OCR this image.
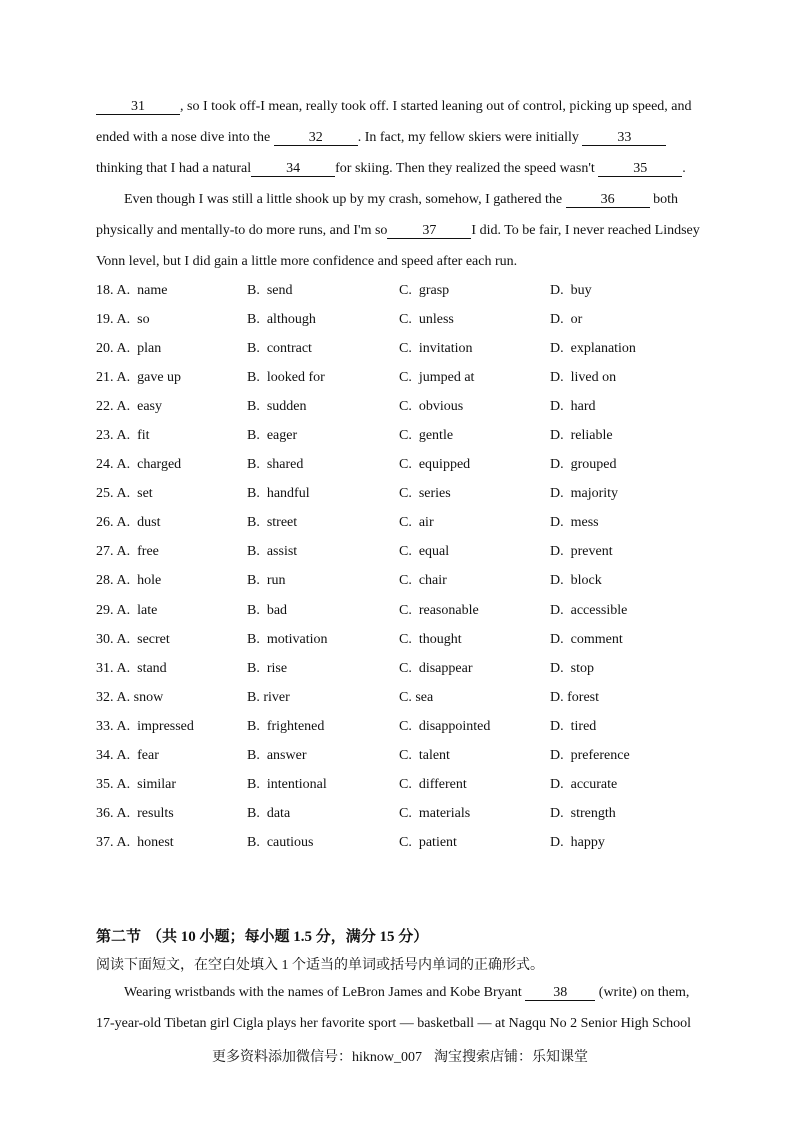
31	, so I took off-I mean, really took off. I started leaning out of control, picking up speed, and
ended with a nose dive into the	32	. In fact, my fellow skiers were initially	33
thinking that I had a natural	34	for skiing. Then they realized the speed wasn't	35	.
Even though I was still a little shook up by my crash, somehow, I gathered the	36	both
physically and mentally-to do more runs, and I'm so	37	I did. To be fair, I never reached Lindsey
Vonn level, but I did gain a little more confidence and speed after each run.
18. A. name	B. send	C. grasp	D. buy
19. A. so	B. although	C. unless	D. or
20. A. plan	B. contract	C. invitation	D. explanation
21. A. gave up	B. looked for	C. jumped at	D. lived on
22. A. easy	B. sudden	C. obvious	D. hard
23. A. fit	B. eager	C. gentle	D. reliable
24. A. charged	B. shared	C. equipped	D. grouped
25. A. set	B. handful	C. series	D. majority
26. A. dust	B. street	C. air	D. mess
27. A. free	B. assist	C. equal	D. prevent
28. A. hole	B. run	C. chair	D. block
29. A. late	B. bad	C. reasonable	D. accessible
30. A. secret	B. motivation	C. thought	D. comment
31. A. stand	B. rise	C. disappear	D. stop
32. A. snow	B. river	C. sea	D. forest
33. A. impressed	B. frightened	C. disappointed	D. tired
34. A. fear	B. answer	C. talent	D. preference
35. A. similar	B. intentional	C. different	D. accurate
36. A. results	B. data	C. materials	D. strength
37. A. honest	B. cautious	C. patient	D. happy
第二节 （共 10 小题；每小题 1.5 分，满分 15 分）
阅读下面短文，在空白处填入 1 个适当的单词或括号内单词的正确形式。
Wearing wristbands with the names of LeBron James and Kobe Bryant 38 (write) on them,
17-year-old Tibetan girl Cigla plays her favorite sport — basketball — at Nagqu No 2 Senior High School
更多资料添加微信号：hiknow_007 淘宝搜索店铺：乐知课堂
